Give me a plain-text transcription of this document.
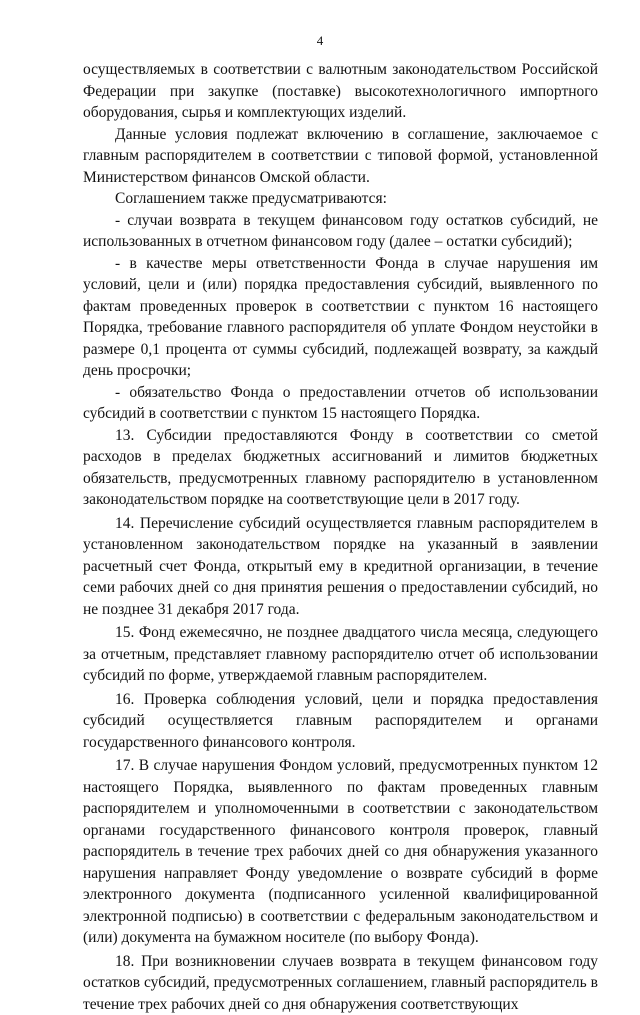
4

осуществляемых в соответствии с валютным законодательством Российской Федерации при закупке (поставке) высокотехнологичного импортного оборудования, сырья и комплектующих изделий.

Данные условия подлежат включению в соглашение, заключаемое с главным распорядителем в соответствии с типовой формой, установленной Министерством финансов Омской области.

Соглашением также предусматриваются:

- случаи возврата в текущем финансовом году остатков субсидий, не использованных в отчетном финансовом году (далее – остатки субсидий);

- в качестве меры ответственности Фонда в случае нарушения им условий, цели и (или) порядка предоставления субсидий, выявленного по фактам проведенных проверок в соответствии с пунктом 16 настоящего Порядка, требование главного распорядителя об уплате Фондом неустойки в размере 0,1 процента от суммы субсидий, подлежащей возврату, за каждый день просрочки;

- обязательство Фонда о предоставлении отчетов об использовании субсидий в соответствии с пунктом 15 настоящего Порядка.

13. Субсидии предоставляются Фонду в соответствии со сметой расходов в пределах бюджетных ассигнований и лимитов бюджетных обязательств, предусмотренных главному распорядителю в установленном законодательством порядке на соответствующие цели в 2017 году.

14. Перечисление субсидий осуществляется главным распорядителем в установленном законодательством порядке на указанный в заявлении расчетный счет Фонда, открытый ему в кредитной организации, в течение семи рабочих дней со дня принятия решения о предоставлении субсидий, но не позднее 31 декабря 2017 года.

15. Фонд ежемесячно, не позднее двадцатого числа месяца, следующего за отчетным, представляет главному распорядителю отчет об использовании субсидий по форме, утверждаемой главным распорядителем.

16. Проверка соблюдения условий, цели и порядка предоставления субсидий осуществляется главным распорядителем и органами государственного финансового контроля.

17. В случае нарушения Фондом условий, предусмотренных пунктом 12 настоящего Порядка, выявленного по фактам проведенных главным распорядителем и уполномоченными в соответствии с законодательством органами государственного финансового контроля проверок, главный распорядитель в течение трех рабочих дней со дня обнаружения указанного нарушения направляет Фонду уведомление о возврате субсидий в форме электронного документа (подписанного усиленной квалифицированной электронной подписью) в соответствии с федеральным законодательством и (или) документа на бумажном носителе (по выбору Фонда).

18. При возникновении случаев возврата в текущем финансовом году остатков субсидий, предусмотренных соглашением, главный распорядитель в течение трех рабочих дней со дня обнаружения соответствующих
